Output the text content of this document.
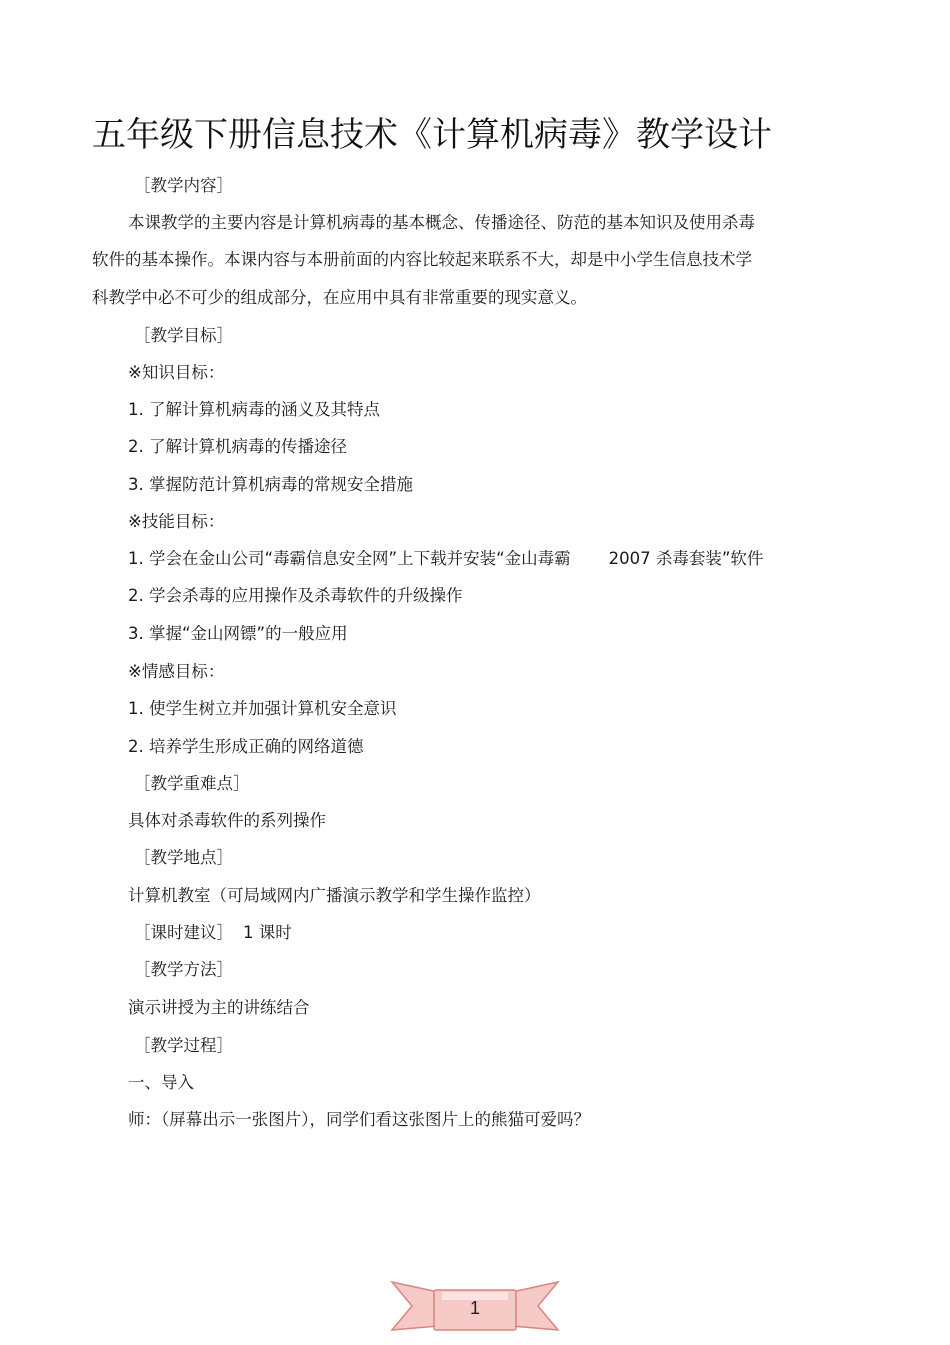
五年级下册信息技术《计算机病毒》教学设计
［教学内容］
本课教学的主要内容是计算机病毒的基本概念、传播途径、防范的基本知识及使用杀毒
软件的基本操作。本课内容与本册前面的内容比较起来联系不大，却是中小学生信息技术学
科教学中必不可少的组成部分，在应用中具有非常重要的现实意义。
［教学目标］
※知识目标：
1. 了解计算机病毒的涵义及其特点
2. 了解计算机病毒的传播途径
3. 掌握防范计算机病毒的常规安全措施
※技能目标：
1. 学会在金山公司“毒霸信息安全网”上下载并安装“金山毒霸 2007 杀毒套装”软件
2. 学会杀毒的应用操作及杀毒软件的升级操作
3. 掌握“金山网镖”的一般应用
※情感目标：
1. 使学生树立并加强计算机安全意识
2. 培养学生形成正确的网络道德
［教学重难点］
具体对杀毒软件的系列操作
［教学地点］
计算机教室（可局域网内广播演示教学和学生操作监控）
［课时建议］ 1 课时
［教学方法］
演示讲授为主的讲练结合
［教学过程］
一、导入
师：（屏幕出示一张图片），同学们看这张图片上的熊猫可爱吗？
1
